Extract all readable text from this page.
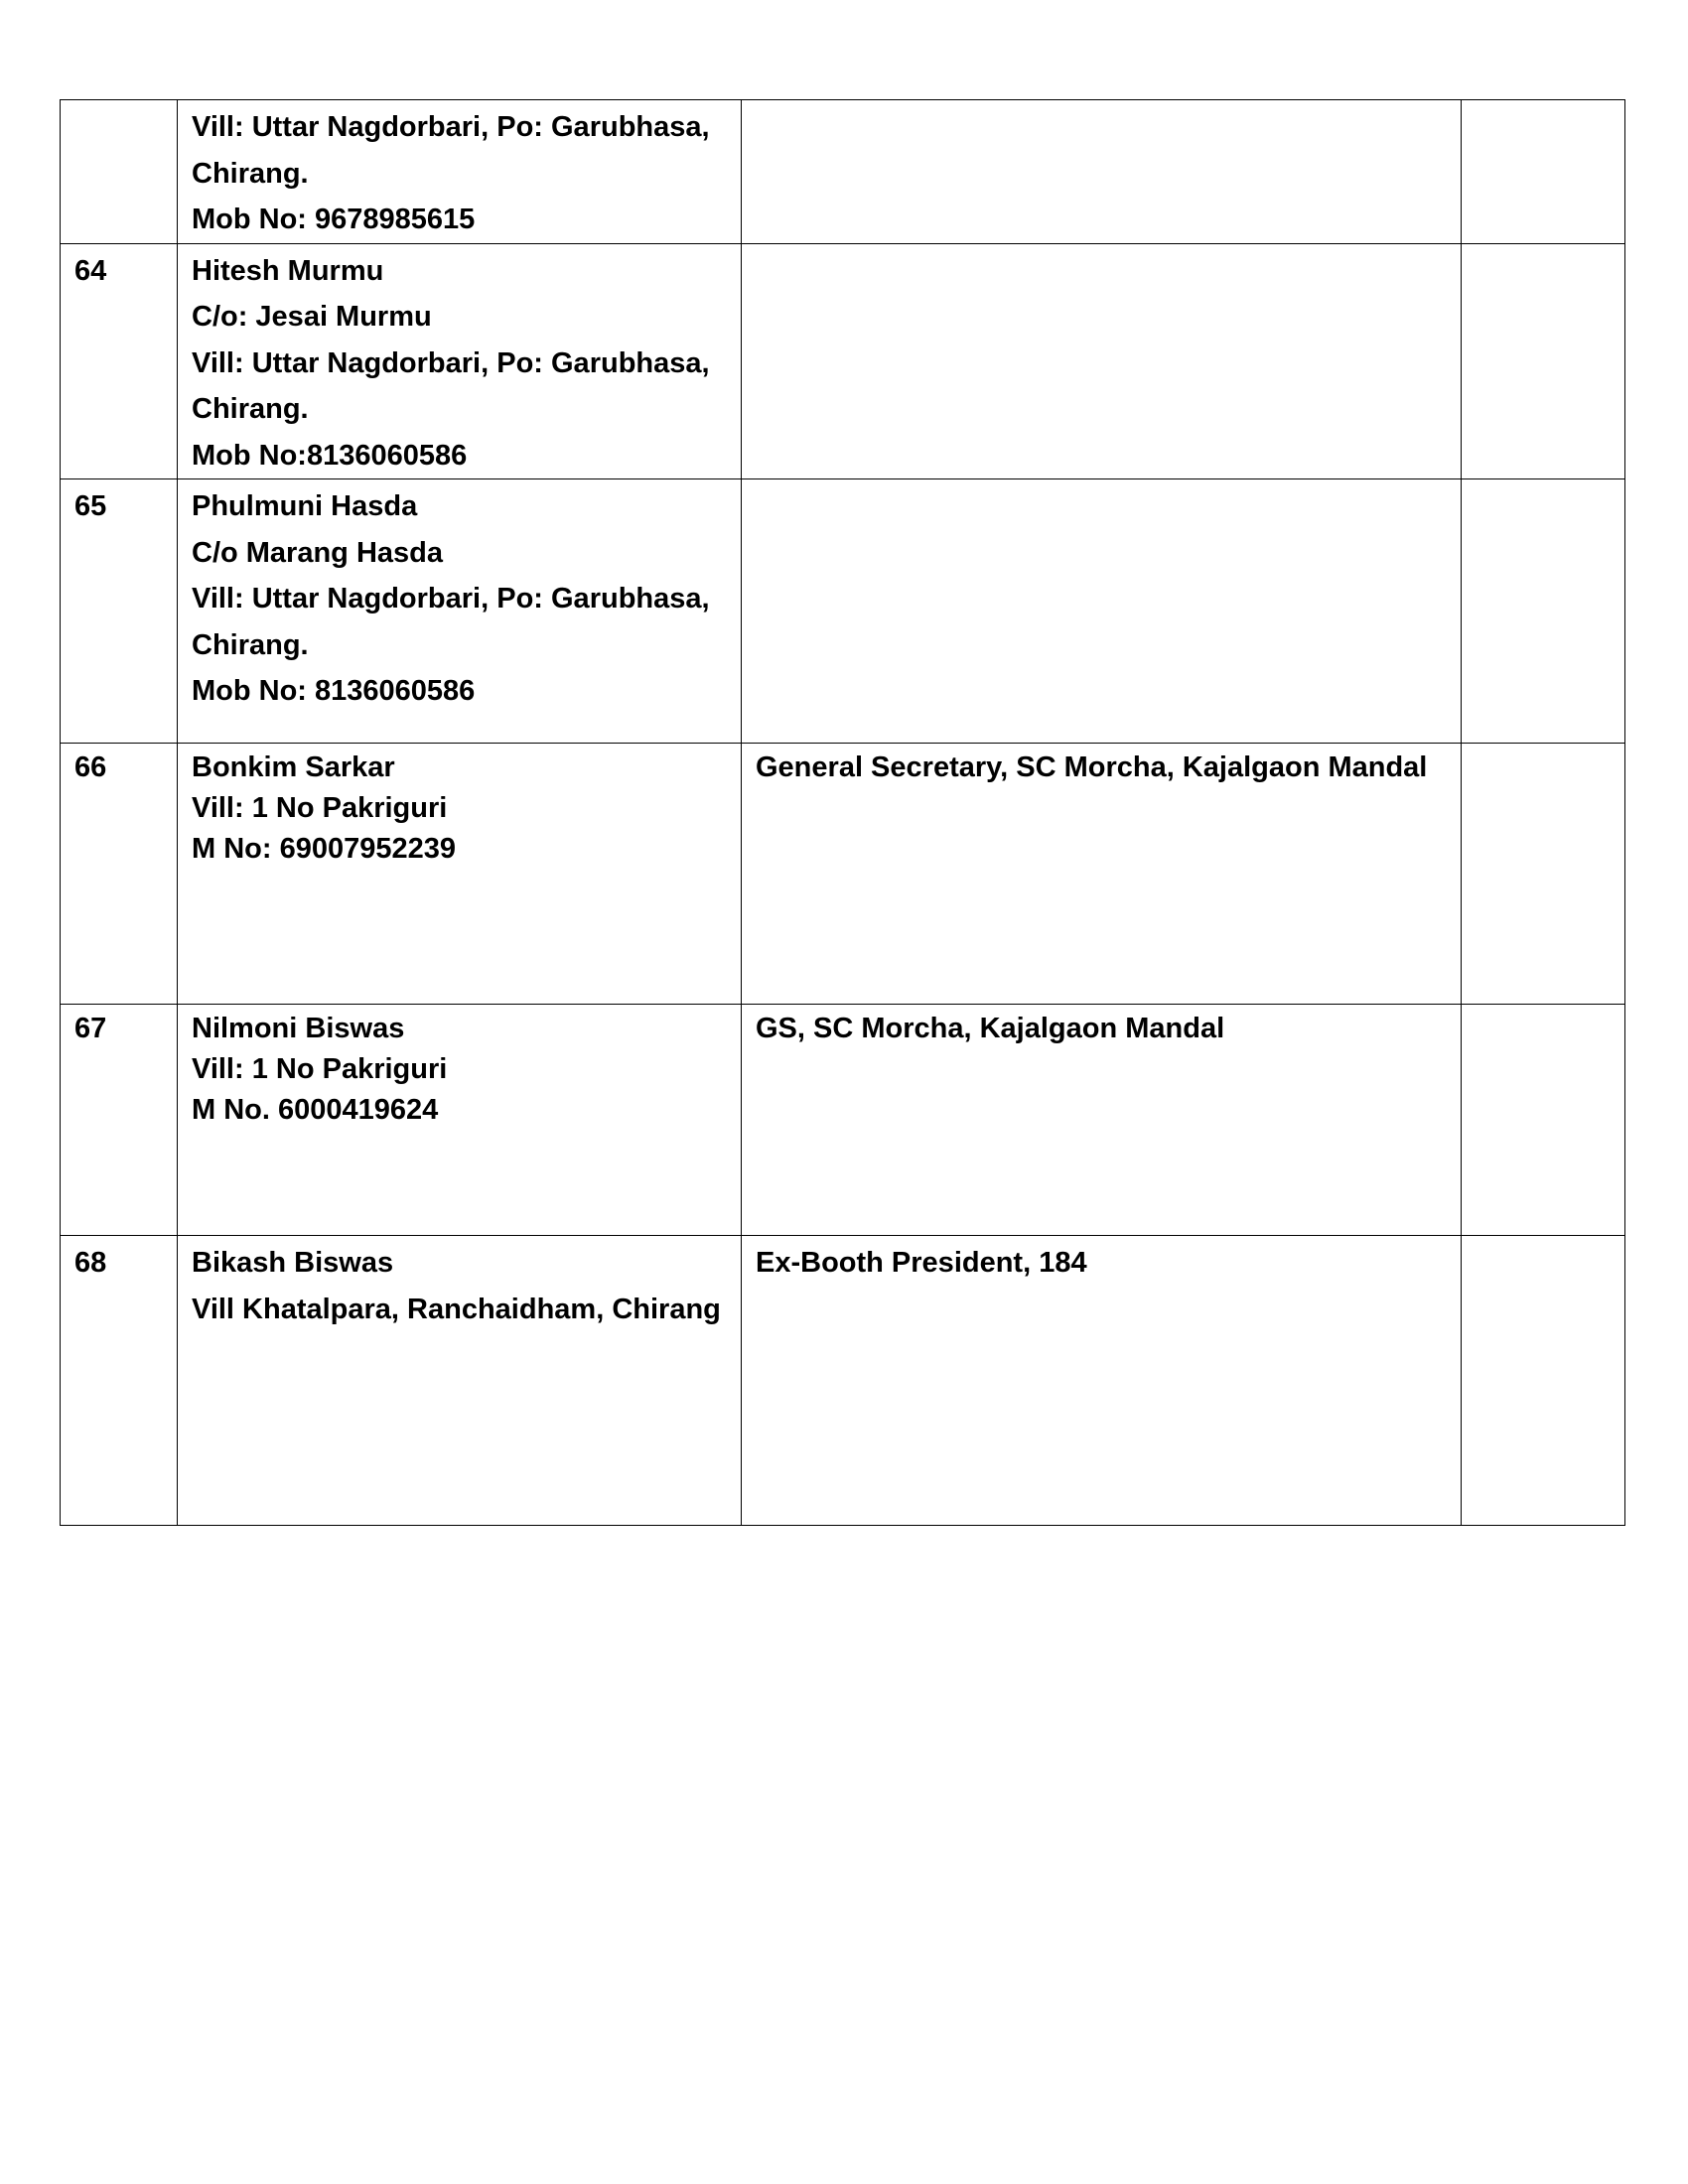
	Vill: Uttar Nagdorbari, Po: Garubhasa,
Chirang.
Mob No: 9678985615		

64	Hitesh Murmu
C/o: Jesai Murmu
Vill: Uttar Nagdorbari, Po: Garubhasa,
Chirang.
Mob No:8136060586		

65	Phulmuni Hasda
C/o Marang Hasda
Vill: Uttar Nagdorbari, Po: Garubhasa,
Chirang.
Mob No: 8136060586		

66	Bonkim Sarkar
Vill: 1 No Pakriguri
M No: 69007952239	General Secretary, SC Morcha, Kajalgaon Mandal	

67	Nilmoni Biswas
Vill: 1 No Pakriguri
M No. 6000419624	GS, SC Morcha, Kajalgaon Mandal	

68	Bikash Biswas
Vill Khatalpara, Ranchaidham, Chirang	Ex-Booth President, 184	
